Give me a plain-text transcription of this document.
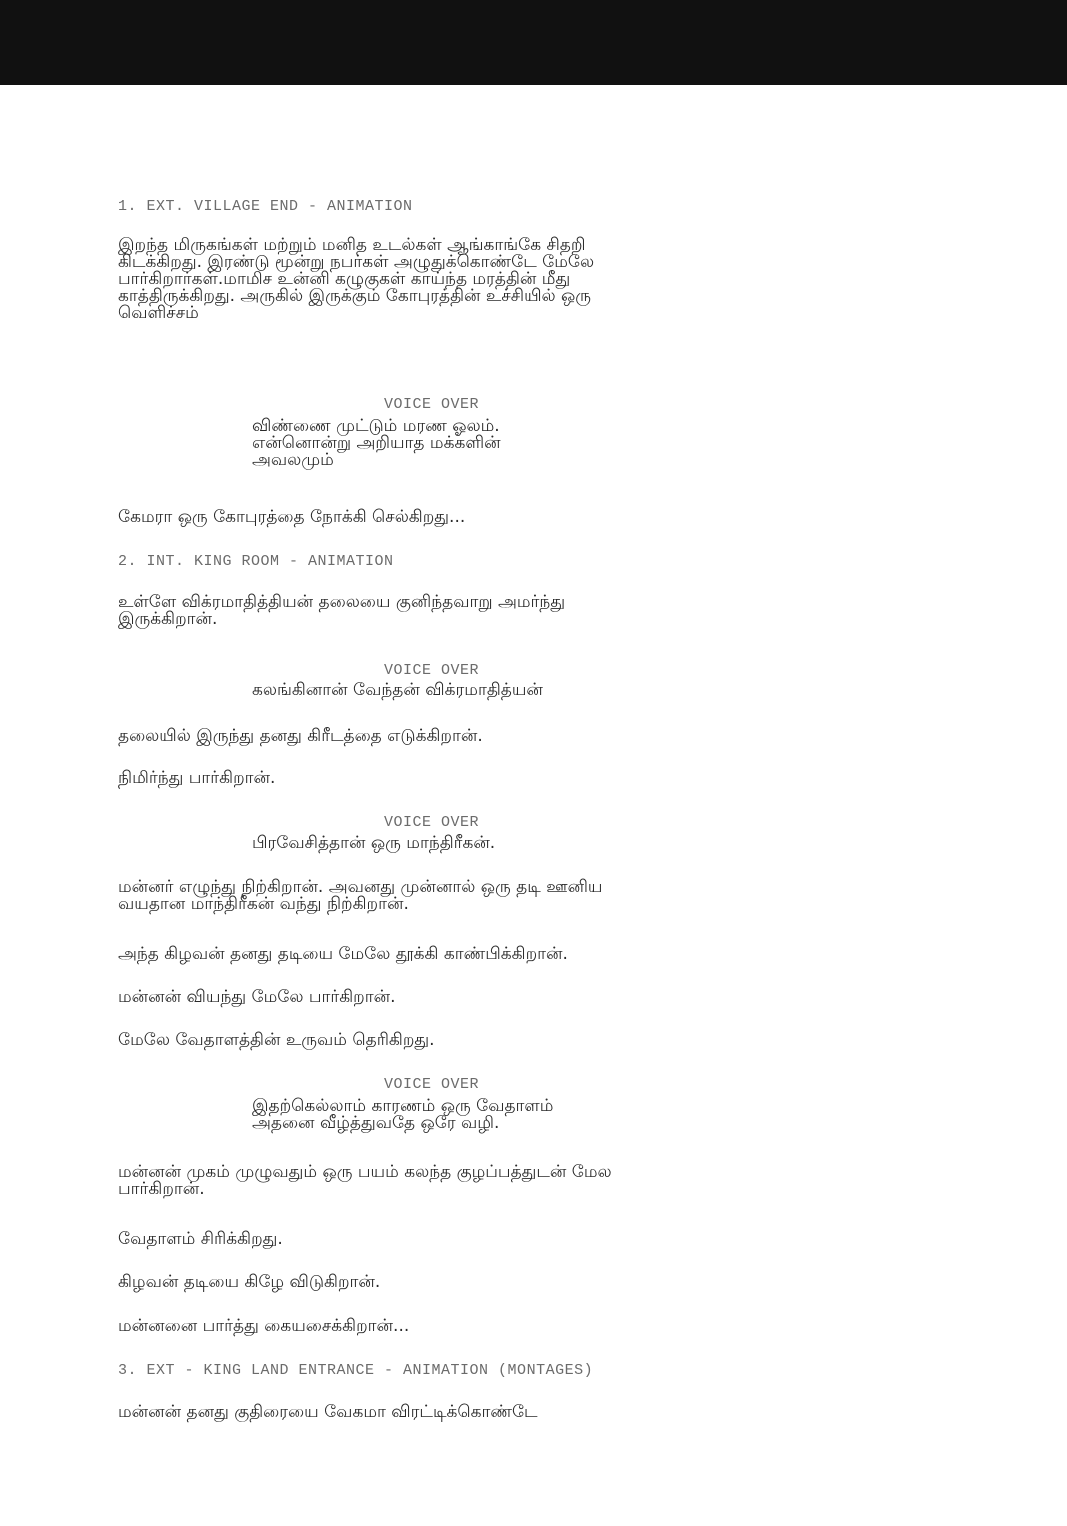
1. EXT. VILLAGE END - ANIMATION
இறந்த மிருகங்கள் மற்றும் மனித உடல்கள் ஆங்காங்கே சிதறி
கிடக்கிறது. இரண்டு மூன்று நபர்கள் அழுதுக்கொண்டே மேலே
பார்கிறார்கள்.மாமிச உன்னி கழுகுகள் காய்ந்த மரத்தின் மீது
காத்திருக்கிறது. அருகில் இருக்கும் கோபுரத்தின் உச்சியில் ஒரு
வெளிச்சம்
VOICE OVER
விண்ணை முட்டும் மரண ஓலம்.
என்னொன்று அறியாத மக்களின்
அவலமும்
கேமரா ஒரு கோபுரத்தை நோக்கி செல்கிறது...
2. INT. KING ROOM - ANIMATION
உள்ளே விக்ரமாதித்தியன் தலையை குனிந்தவாறு அமர்ந்து
இருக்கிறான்.
VOICE OVER
கலங்கினான் வேந்தன் விக்ரமாதித்யன்
தலையில் இருந்து தனது கிரீடத்தை எடுக்கிறான்.
நிமிர்ந்து பார்கிறான்.
VOICE OVER
பிரவேசித்தான் ஒரு மாந்திரீகன்.
மன்னர் எழுந்து நிற்கிறான். அவனது முன்னால் ஒரு தடி ஊனிய
வயதான மாந்திரீகன் வந்து நிற்கிறான்.
அந்த கிழவன் தனது தடியை மேலே தூக்கி காண்பிக்கிறான்.
மன்னன் வியந்து மேலே பார்கிறான்.
மேலே வேதாளத்தின் உருவம் தெரிகிறது.
VOICE OVER
இதற்கெல்லாம் காரணம் ஒரு வேதாளம்
அதனை வீழ்த்துவதே ஒரே வழி.
மன்னன் முகம் முழுவதும் ஒரு பயம் கலந்த குழப்பத்துடன் மேல
பார்கிறான்.
வேதாளம் சிரிக்கிறது.
கிழவன் தடியை கிழே விடுகிறான்.
மன்னனை பார்த்து கையசைக்கிறான்...
3. EXT - KING LAND ENTRANCE - ANIMATION (MONTAGES)
மன்னன் தனது குதிரையை வேகமா விரட்டிக்கொண்டே
